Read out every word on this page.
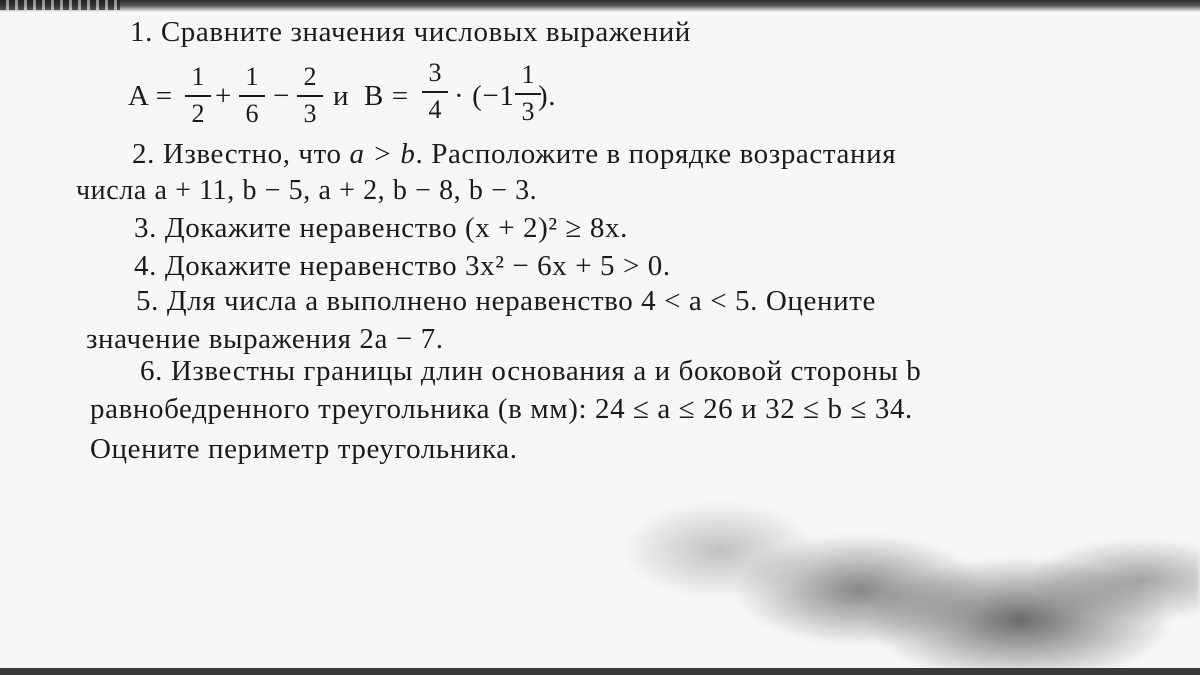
1. Сравните значения числовых выражений
A =
1
2
+
1
6
−
2
3
и B =
3
4 · (−1
1
3 ).
2. Известно, что a > b. Расположите в порядке возрастания
числа a + 11, b − 5, a + 2, b − 8, b − 3.
3. Докажите неравенство (x + 2)² ≥ 8x.
4. Докажите неравенство 3x² − 6x + 5 > 0.
5. Для числа a выполнено неравенство 4 < a < 5. Оцените
значение выражения 2a − 7.
6. Известны границы длин основания a и боковой стороны b
равнобедренного треугольника (в мм): 24 ≤ a ≤ 26 и 32 ≤ b ≤ 34.
Оцените периметр треугольника.
